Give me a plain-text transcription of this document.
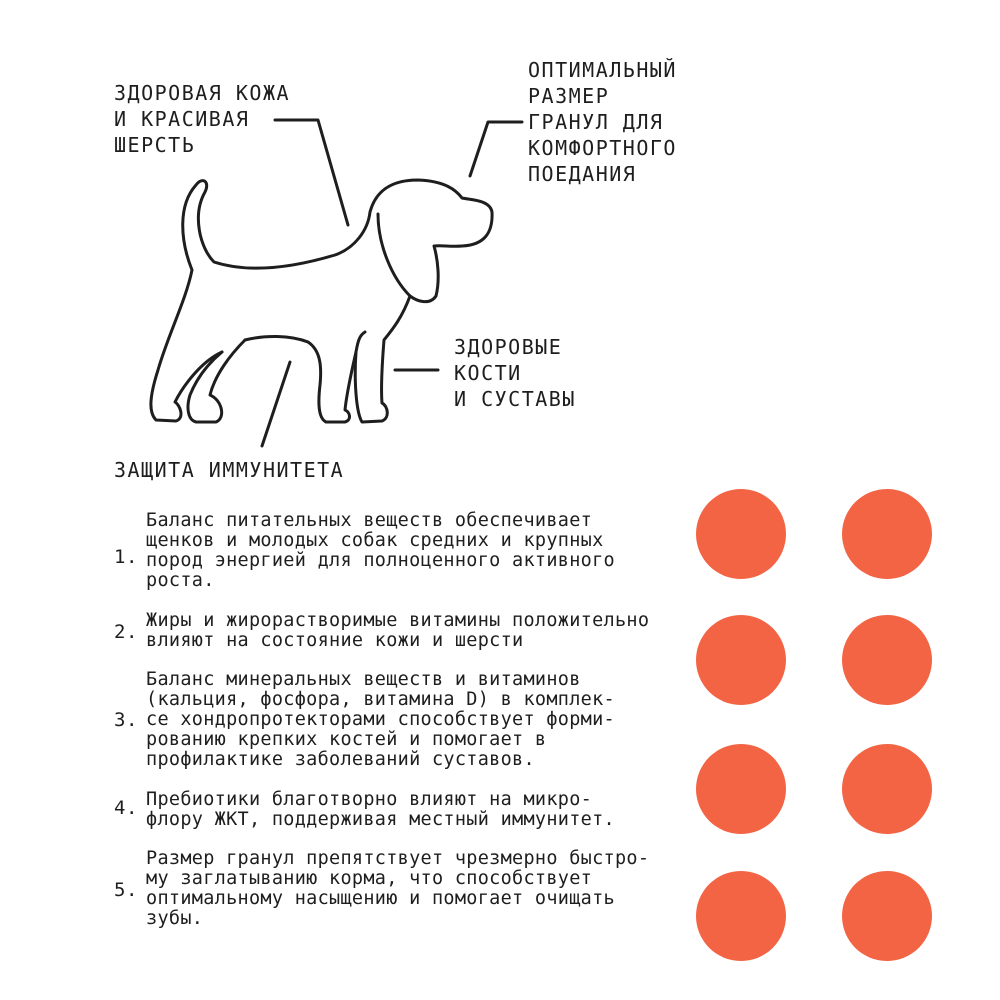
ЗДОРОВАЯ КОЖА
И КРАСИВАЯ
ШЕРСТЬ

ОПТИМАЛЬНЫЙ
РАЗМЕР
ГРАНУЛ ДЛЯ
КОМФОРТНОГО
ПОЕДАНИЯ

ЗДОРОВЫЕ
КОСТИ
И СУСТАВЫ

ЗАЩИТА ИММУНИТЕТА

1.

Баланс питательных веществ обеспечивает
щенков и молодых собак средних и крупных
пород энергией для полноценного активного
роста.

2.

Жиры и жирорастворимые витамины положительно
влияют на состояние кожи и шерсти

3.

Баланс минеральных веществ и витаминов
(кальция, фосфора, витамина D) в комплек-
се хондропротекторами способствует форми-
рованию крепких костей и помогает в
профилактике заболеваний суставов.

4. Пребиотики благотворно влияют на микро-
флору ЖКТ, поддерживая местный иммунитет.

5.

Размер гранул препятствует чрезмерно быстро-
му заглатыванию корма, что способствует
оптимальному насыщению и помогает очищать
зубы.
